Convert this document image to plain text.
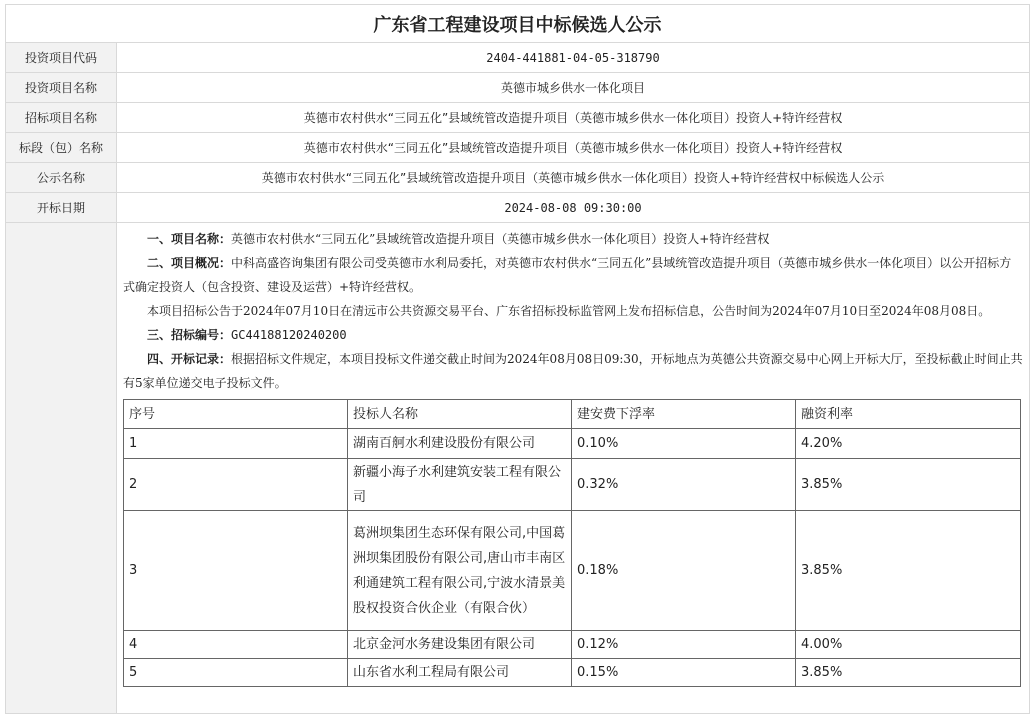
广东省工程建设项目中标候选人公示
投资项目代码	2404-441881-04-05-318790
投资项目名称	英德市城乡供水一体化项目
招标项目名称	英德市农村供水“三同五化”县域统管改造提升项目（英德市城乡供水一体化项目）投资人+特许经营权
标段（包）名称	英德市农村供水“三同五化”县域统管改造提升项目（英德市城乡供水一体化项目）投资人+特许经营权
公示名称	英德市农村供水“三同五化”县域统管改造提升项目（英德市城乡供水一体化项目）投资人+特许经营权中标候选人公示
开标日期	2024-08-08 09:30:00

一、项目名称：英德市农村供水“三同五化”县域统管改造提升项目（英德市城乡供水一体化项目）投资人+特许经营权

二、项目概况：中科高盛咨询集团有限公司受英德市水利局委托，对英德市农村供水“三同五化”县域统管改造提升项目（英德市城乡供水一体化项目）以公开招标方式确定投资人（包含投资、建设及运营）+特许经营权。

本项目招标公告于2024年07月10日在清远市公共资源交易平台、广东省招标投标监管网上发布招标信息，公告时间为2024年07月10日至2024年08月08日。

三、招标编号：GC44188120240200

四、开标记录：根据招标文件规定，本项目投标文件递交截止时间为2024年08月08日09:30，开标地点为英德公共资源交易中心网上开标大厅，至投标截止时间止共有5家单位递交电子投标文件。

序号	投标人名称	建安费下浮率	融资利率
1	湖南百舸水利建设股份有限公司	0.10%	4.20%
2	新疆小海子水利建筑安装工程有限公司	0.32%	3.85%
3	葛洲坝集团生态环保有限公司,中国葛洲坝集团股份有限公司,唐山市丰南区利通建筑工程有限公司,宁波水清景美股权投资合伙企业（有限合伙）	0.18%	3.85%
4	北京金河水务建设集团有限公司	0.12%	4.00%
5	山东省水利工程局有限公司	0.15%	3.85%
